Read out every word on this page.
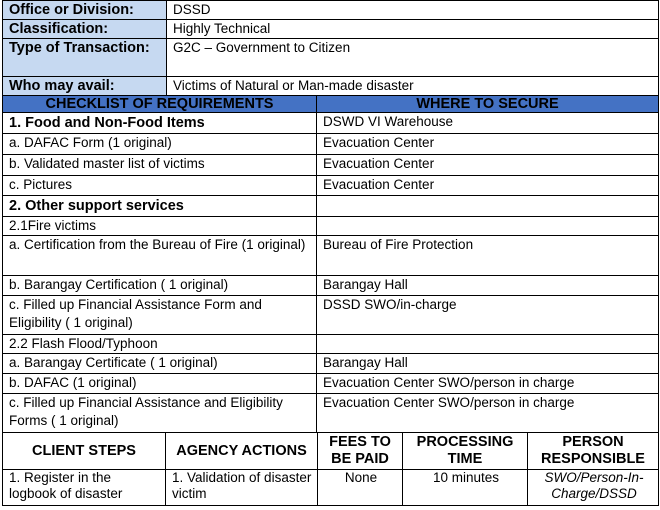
Office or Division:	DSSD
Classification:	Highly Technical
Type of Transaction:	G2C – Government to Citizen
Who may avail:	Victims of Natural or Man-made disaster
CHECKLIST OF REQUIREMENTS	WHERE TO SECURE
1. Food and Non-Food Items	DSWD VI Warehouse
a. DAFAC Form (1 original)	Evacuation Center
b. Validated master list of victims	Evacuation Center
c. Pictures	Evacuation Center
2. Other support services	
2.1Fire victims	
a. Certification from the Bureau of Fire (1 original)	Bureau of Fire Protection
b. Barangay Certification ( 1 original)	Barangay Hall
c. Filled up Financial Assistance Form and Eligibility ( 1 original)	DSSD SWO/in-charge
2.2 Flash Flood/Typhoon	
a. Barangay Certificate ( 1 original)	Barangay Hall
b. DAFAC (1 original)	Evacuation Center SWO/person in charge
c. Filled up Financial Assistance and Eligibility Forms ( 1 original)	Evacuation Center SWO/person in charge
CLIENT STEPS	AGENCY ACTIONS	FEES TO BE PAID	PROCESSING TIME	PERSON RESPONSIBLE
1. Register in the logbook of disaster	1. Validation of disaster victim	None	10 minutes	SWO/Person-In-Charge/DSSD
